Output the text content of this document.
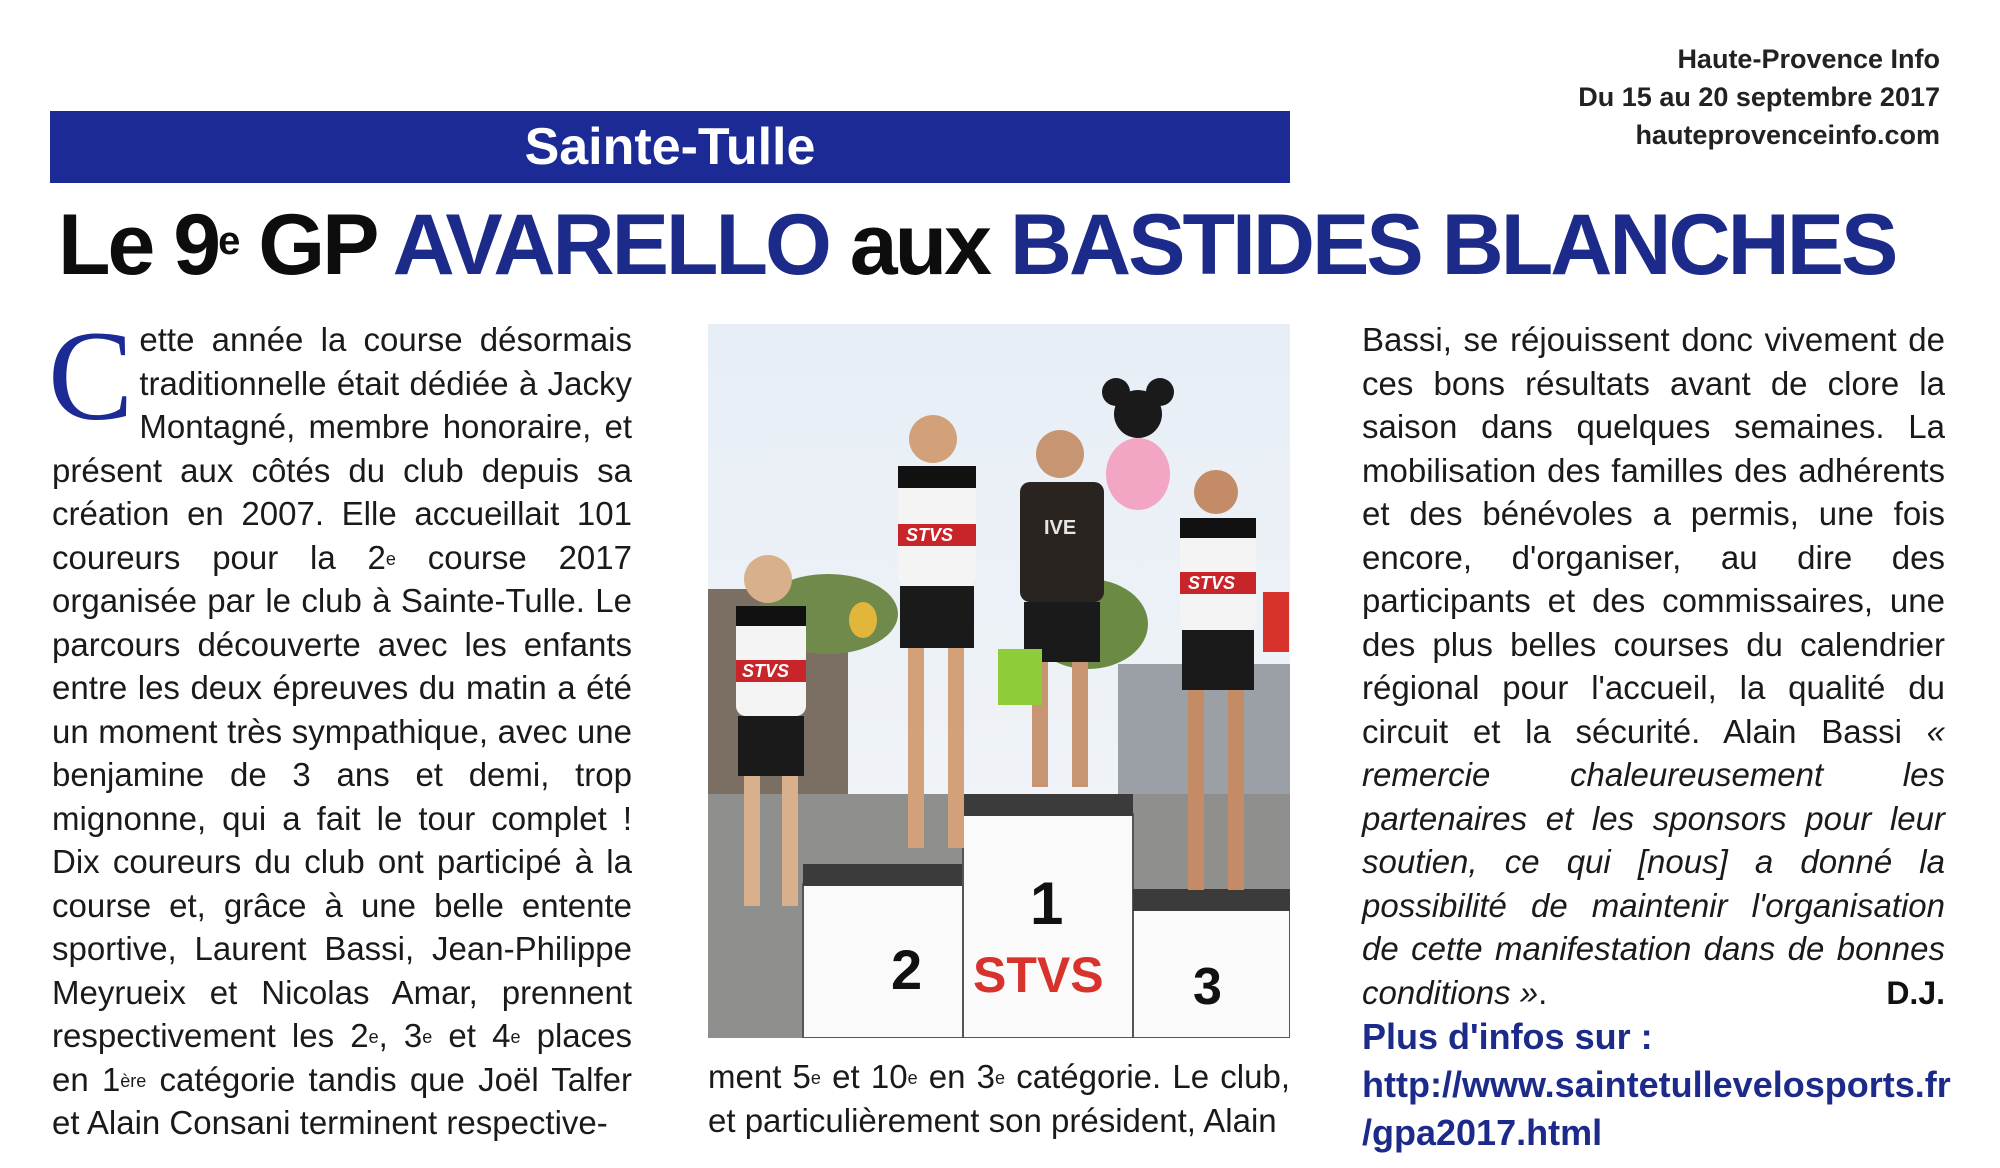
Haute-Provence Info
Du 15 au 20 septembre 2017
hauteprovenceinfo.com
Sainte-Tulle
Le 9e GP AVARELLO aux BASTIDES BLANCHES
Cette année la course désormais traditionnelle était dédiée à Jacky Montagné, membre honoraire, et présent aux côtés du club depuis sa création en 2007. Elle accueillait 101 coureurs pour la 2e course 2017 organisée par le club à Sainte-Tulle. Le parcours découverte avec les enfants entre les deux épreuves du matin a été un moment très sympathique, avec une benjamine de 3 ans et demi, trop mignonne, qui a fait le tour complet ! Dix coureurs du club ont participé à la course et, grâce à une belle entente sportive, Laurent Bassi, Jean-Philippe Meyrueix et Nicolas Amar, prennent respectivement les 2e, 3e et 4e places en 1ère catégorie tandis que Joël Talfer et Alain Consani terminent respective-
2
1
3
STVS
STVS
STVS	IVE
STVS
ment 5e et 10e en 3e catégorie. Le club, et particulièrement son président, Alain
Bassi, se réjouissent donc vivement de ces bons résultats avant de clore la saison dans quelques semaines. La mobilisation des familles des adhérents et des bénévoles a permis, une fois encore, d'organiser, au dire des participants et des commissaires, une des plus belles courses du calendrier régional pour l'accueil, la qualité du circuit et la sécurité. Alain Bassi « remercie chaleureusement les partenaires et les sponsors pour leur soutien, ce qui [nous] a donné la possibilité de maintenir l'organisation de cette manifestation dans de bonnes conditions ».	D.J.
Plus d'infos sur :
http://www.saintetullevelosports.fr
/gpa2017.html
